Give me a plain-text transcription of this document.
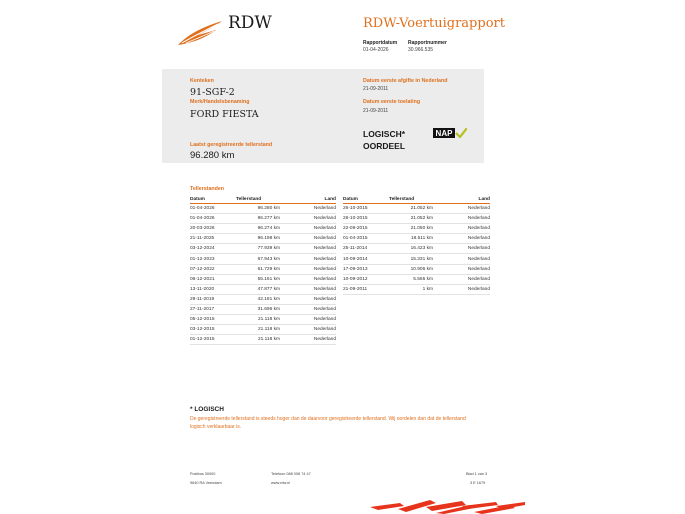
RDW	RDW-Voertuigrapport
Rapportdatum
01-04-2026
Rapportnummer
30.966.535
Kenteken
91-SGF-2
Merk/Handelsbenaming
FORD FIESTA
Laatst geregistreerde tellerstand
96.280 km
Datum eerste afgifte in Nederland
21-09-2011
Datum eerste toelating
21-09-2011
LOGISCH*
OORDEEL
NAP
Tellerstanden
Datum	Tellerstand	Land
01-04-2026	96.280 km	Nederland
01-04-2026	96.277 km	Nederland
20-03-2026	96.274 km	Nederland
21-11-2025	96.198 km	Nederland
03-12-2024	77.939 km	Nederland
01-12-2023	67.943 km	Nederland
07-12-2022	61.729 km	Nederland
06-12-2021	55.161 km	Nederland
13-11-2020	47.877 km	Nederland
29-11-2019	42.181 km	Nederland
27-11-2017	31.696 km	Nederland
05-12-2015	21.118 km	Nederland
03-12-2015	21.118 km	Nederland
01-12-2015	21.118 km	Nederland
Datum	Tellerstand	Land
26-10-2015	21.052 km	Nederland
26-10-2015	21.052 km	Nederland
22-09-2015	21.050 km	Nederland
01-04-2015	18.511 km	Nederland
25-11-2014	16.423 km	Nederland
10-09-2014	15.331 km	Nederland
17-09-2013	10.906 km	Nederland
10-09-2012	5.565 km	Nederland
21-09-2011	1 km	Nederland
* LOGISCH
De geregistreerde tellerstand is steeds hoger dan de daarvoor geregistreerde tellerstand. Wij oordelen dan dat de tellerstand logisch verklaarbaar is.
Postbus 30000
9640 RA Veendam
Telefoon 088 008 74 47
www.rdw.nl
Blad 1 van 3
3 E 1679
